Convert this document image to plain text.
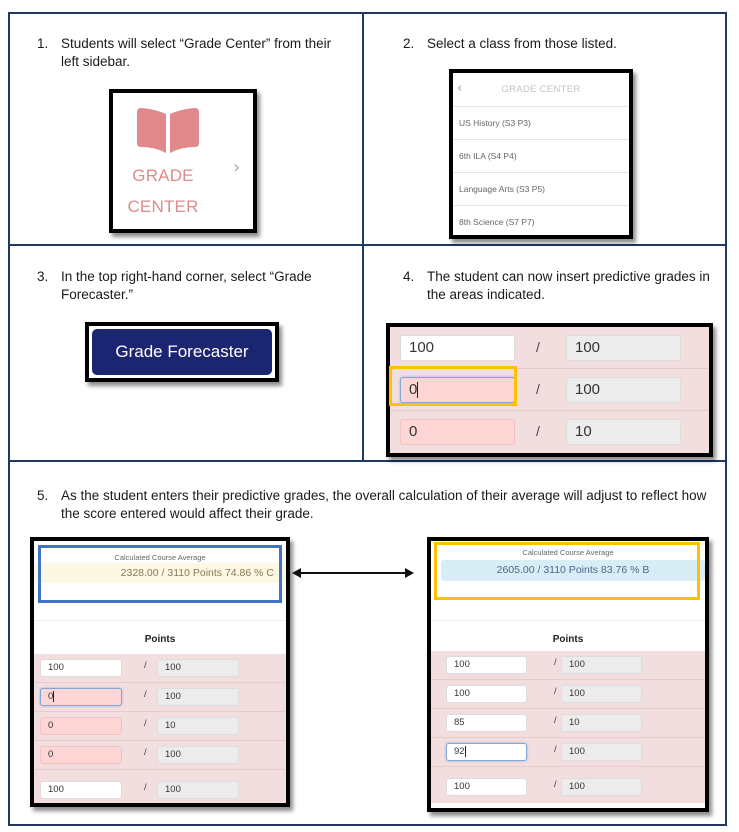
1. Students will select “Grade Center” from their left sidebar.
GRADE
CENTER
›
2. Select a class from those listed.
‹	GRADE CENTER
US History (S3 P3)
6th ILA (S4 P4)
Language Arts (S3 P5)
8th Science (S7 P7)
3. In the top right-hand corner, select “Grade Forecaster.”
Grade Forecaster
4. The student can now insert predictive grades in the areas indicated.
100	/	100
0	/	100
0	/	10
5. As the student enters their predictive grades, the overall calculation of their average will adjust to reflect how the score entered would affect their grade.
Calculated Course Average
2328.00 / 3110 Points 74.86 % C
Points
100	/	100
0	/	100
0	/	10
0	/	100
100	/	100
Calculated Course Average
2605.00 / 3110 Points 83.76 % B
Points
100	/	100
100	/	100
85	/	10
92	/	100
100	/	100
